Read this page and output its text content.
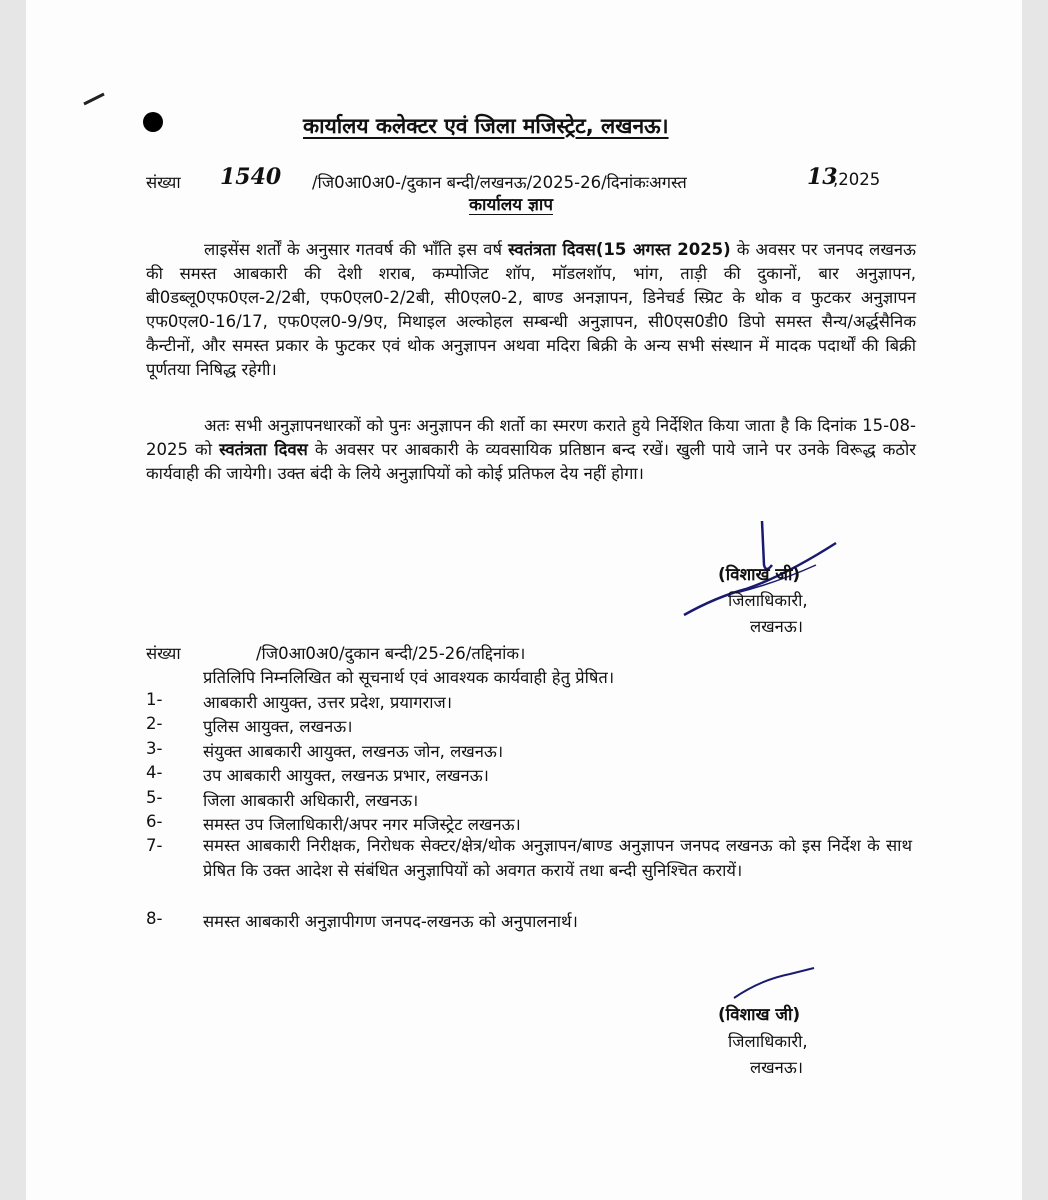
कार्यालय कलेक्टर एवं जिला मजिस्ट्रेट, लखनऊ।
संख्या 1540 /जि0आ0अ0-/दुकान बन्दी/लखनऊ/2025-26/दिनांकःअगस्त	13
,2025
कार्यालय ज्ञाप
लाइसेंस शर्तों के अनुसार गतवर्ष की भाँति इस वर्ष स्वतंत्रता दिवस(15 अगस्त 2025) के अवसर पर जनपद लखनऊ की समस्त आबकारी की देशी शराब, कम्पोजिट शॉप, मॉडलशॉप, भांग, ताड़ी की दुकानों, बार अनुज्ञापन, बी0डब्लू0एफ0एल-2/2बी, एफ0एल0-2/2बी, सी0एल0-2, बाण्ड अनज्ञापन, डिनेचर्ड स्प्रिट के थोक व फुटकर अनुज्ञापन एफ0एल0-16/17, एफ0एल0-9/9ए, मिथाइल अल्कोहल सम्बन्धी अनुज्ञापन, सी0एस0डी0 डिपो समस्त सैन्य/अर्द्धसैनिक कैन्टीनों, और समस्त प्रकार के फुटकर एवं थोक अनुज्ञापन अथवा मदिरा बिक्री के अन्य सभी संस्थान में मादक पदार्थों की बिक्री पूर्णतया निषिद्ध रहेगी।
अतः सभी अनुज्ञापनधारकों को पुनः अनुज्ञापन की शर्तो का स्मरण कराते हुये निर्देशित किया जाता है कि दिनांक 15-08-2025 को स्वतंत्रता दिवस के अवसर पर आबकारी के व्यवसायिक प्रतिष्ठान बन्द रखें। खुली पाये जाने पर उनके विरूद्ध कठोर कार्यवाही की जायेगी। उक्त बंदी के लिये अनुज्ञापियों को कोई प्रतिफल देय नहीं होगा।
(विशाख जी)
जिलाधिकारी,
लखनऊ।
संख्या	/जि0आ0अ0/दुकान बन्दी/25-26/तद्दिनांक।
प्रतिलिपि निम्नलिखित को सूचनार्थ एवं आवश्यक कार्यवाही हेतु प्रेषित।
1- आबकारी आयुक्त, उत्तर प्रदेश, प्रयागराज।
2- पुलिस आयुक्त, लखनऊ।
3- संयुक्त आबकारी आयुक्त, लखनऊ जोन, लखनऊ।
4- उप आबकारी आयुक्त, लखनऊ प्रभार, लखनऊ।
5- जिला आबकारी अधिकारी, लखनऊ।
6- समस्त उप जिलाधिकारी/अपर नगर मजिस्ट्रेट लखनऊ।
7- समस्त आबकारी निरीक्षक, निरोधक सेक्टर/क्षेत्र/थोक अनुज्ञापन/बाण्ड अनुज्ञापन जनपद लखनऊ को इस निर्देश के साथ प्रेषित कि उक्त आदेश से संबंधित अनुज्ञापियों को अवगत करायें तथा बन्दी सुनिश्चित करायें।
8- समस्त आबकारी अनुज्ञापीगण जनपद-लखनऊ को अनुपालनार्थ।
(विशाख जी)
जिलाधिकारी,
लखनऊ।
